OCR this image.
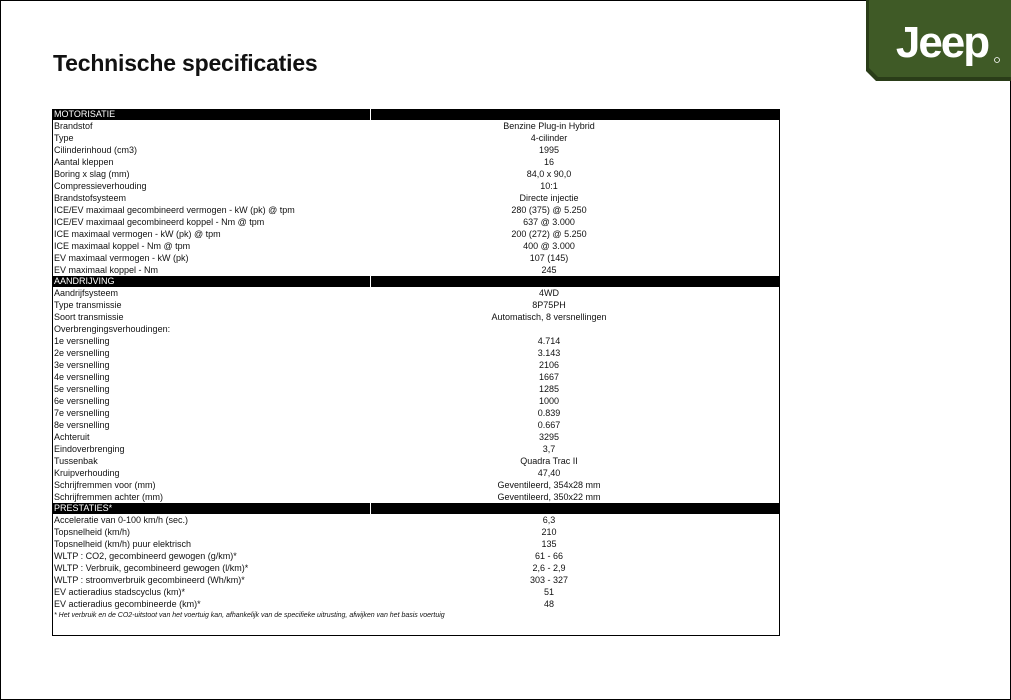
Technische specificaties	Jeep
MOTORISATIE
Brandstof	Benzine Plug-in Hybrid
Type	4-cilinder
Cilinderinhoud (cm3)	1995
Aantal kleppen	16
Boring x slag (mm)	84,0 x 90,0
Compressieverhouding	10:1
Brandstofsysteem	Directe injectie
ICE/EV maximaal gecombineerd vermogen - kW (pk) @ tpm	280 (375) @ 5.250
ICE/EV maximaal gecombineerd koppel - Nm @ tpm	637 @ 3.000
ICE maximaal vermogen - kW (pk) @ tpm	200 (272) @ 5.250
ICE maximaal koppel - Nm @ tpm	400 @ 3.000
EV maximaal vermogen - kW (pk)	107 (145)
EV maximaal koppel - Nm	245
AANDRIJVING
Aandrijfsysteem	4WD
Type transmissie	8P75PH
Soort transmissie	Automatisch, 8 versnellingen
Overbrengingsverhoudingen:
1e versnelling	4.714
2e versnelling	3.143
3e versnelling	2106
4e versnelling	1667
5e versnelling	1285
6e versnelling	1000
7e versnelling	0.839
8e versnelling	0.667
Achteruit	3295
Eindoverbrenging	3,7
Tussenbak	Quadra Trac II
Kruipverhouding	47,40
Schrijfremmen voor (mm)	Geventileerd, 354x28 mm
Schrijfremmen achter (mm)	Geventileerd, 350x22 mm
PRESTATIES*
Acceleratie van 0-100 km/h (sec.)	6,3
Topsnelheid (km/h)	210
Topsnelheid (km/h) puur elektrisch	135
WLTP : CO2, gecombineerd gewogen (g/km)*	61 - 66
WLTP : Verbruik, gecombineerd gewogen (l/km)*	2,6 - 2,9
WLTP : stroomverbruik gecombineerd (Wh/km)*	303 - 327
EV actieradius stadscyclus (km)*	51
EV actieradius gecombineerde (km)*	48
* Het verbruik en de CO2-uitstoot van het voertuig kan, afhankelijk van de specifieke uitrusting, afwijken van het basis voertuig
